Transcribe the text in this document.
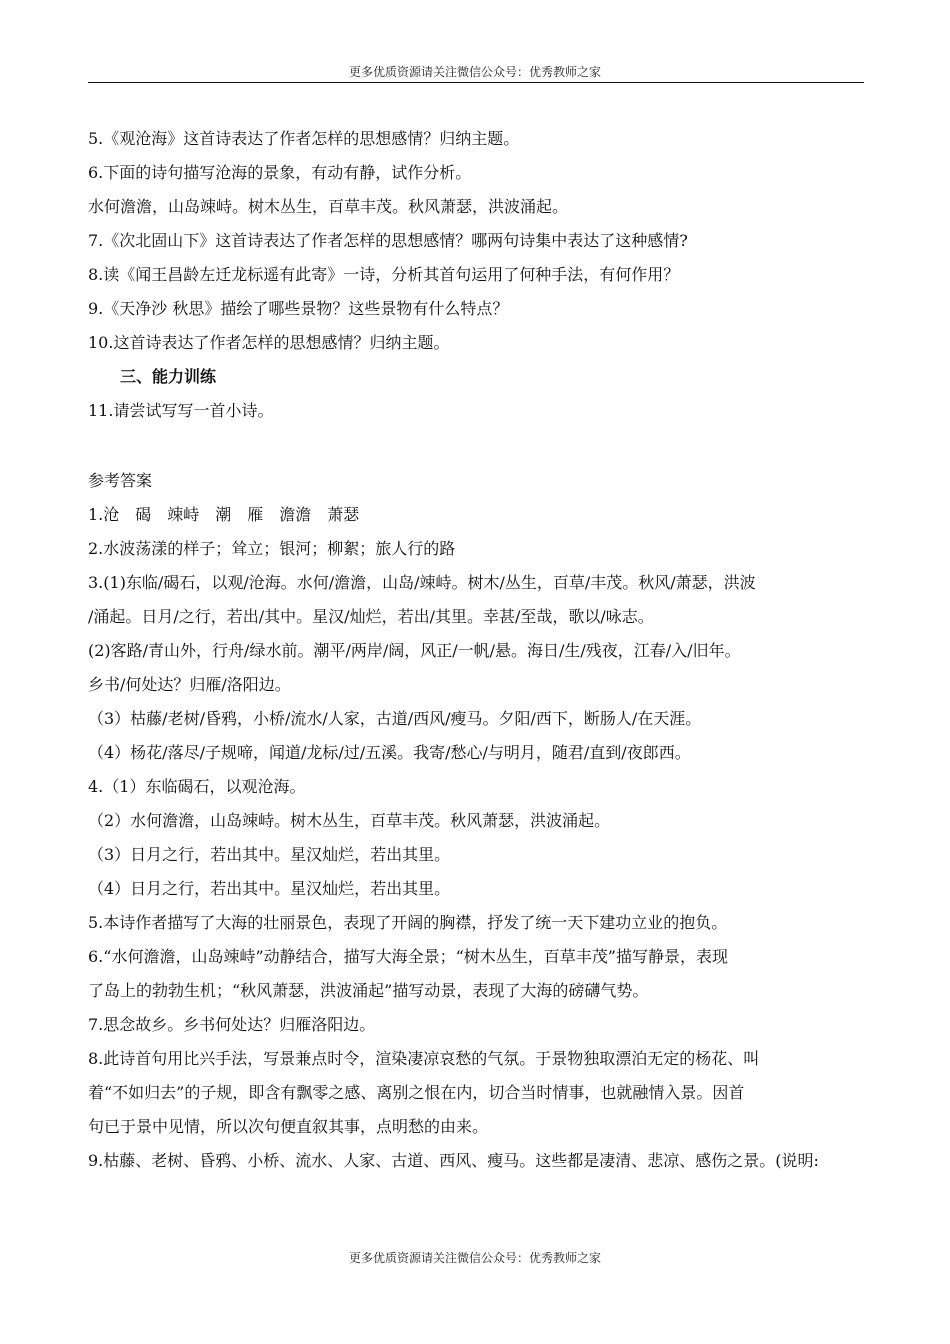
更多优质资源请关注微信公众号：优秀教师之家
5.《观沧海》这首诗表达了作者怎样的思想感情？归纳主题。
6.下面的诗句描写沧海的景象，有动有静，试作分析。
水何澹澹，山岛竦峙。树木丛生，百草丰茂。秋风萧瑟，洪波涌起。
7.《次北固山下》这首诗表达了作者怎样的思想感情？哪两句诗集中表达了这种感情?
8.读《闻王昌龄左迁龙标遥有此寄》一诗，分析其首句运用了何种手法，有何作用？
9.《天净沙 秋思》描绘了哪些景物？这些景物有什么特点？
10.这首诗表达了作者怎样的思想感情？归纳主题。
三、能力训练
11.请尝试写写一首小诗。
参考答案
1.沧　碣　竦峙　潮　雁　澹澹　萧瑟
2.水波荡漾的样子；耸立；银河；柳絮；旅人行的路
3.(1)东临/碣石，以观/沧海。水何/澹澹，山岛/竦峙。树木/丛生，百草/丰茂。秋风/萧瑟，洪波
/涌起。日月/之行，若出/其中。星汉/灿烂，若出/其里。幸甚/至哉，歌以/咏志。
(2)客路/青山外，行舟/绿水前。潮平/两岸/阔，风正/一帆/悬。海日/生/残夜，江春/入/旧年。
乡书/何处达？归雁/洛阳边。
（3）枯藤/老树/昏鸦，小桥/流水/人家，古道/西风/瘦马。夕阳/西下，断肠人/在天涯。
（4）杨花/落尽/子规啼，闻道/龙标/过/五溪。我寄/愁心/与明月，随君/直到/夜郎西。
4.（1）东临碣石，以观沧海。
（2）水何澹澹，山岛竦峙。树木丛生，百草丰茂。秋风萧瑟，洪波涌起。
（3）日月之行，若出其中。星汉灿烂，若出其里。
（4）日月之行，若出其中。星汉灿烂，若出其里。
5.本诗作者描写了大海的壮丽景色，表现了开阔的胸襟，抒发了统一天下建功立业的抱负。
6.“水何澹澹，山岛竦峙”动静结合，描写大海全景；“树木丛生，百草丰茂”描写静景，表现
了岛上的勃勃生机；“秋风萧瑟，洪波涌起”描写动景，表现了大海的磅礴气势。
7.思念故乡。乡书何处达？归雁洛阳边。
8.此诗首句用比兴手法，写景兼点时令，渲染凄凉哀愁的气氛。于景物独取漂泊无定的杨花、叫
着“不如归去”的子规，即含有飘零之感、离别之恨在内，切合当时情事，也就融情入景。因首
句已于景中见情，所以次句便直叙其事，点明愁的由来。
9.枯藤、老树、昏鸦、小桥、流水、人家、古道、西风、瘦马。这些都是凄清、悲凉、感伤之景。(说明:
更多优质资源请关注微信公众号：优秀教师之家
